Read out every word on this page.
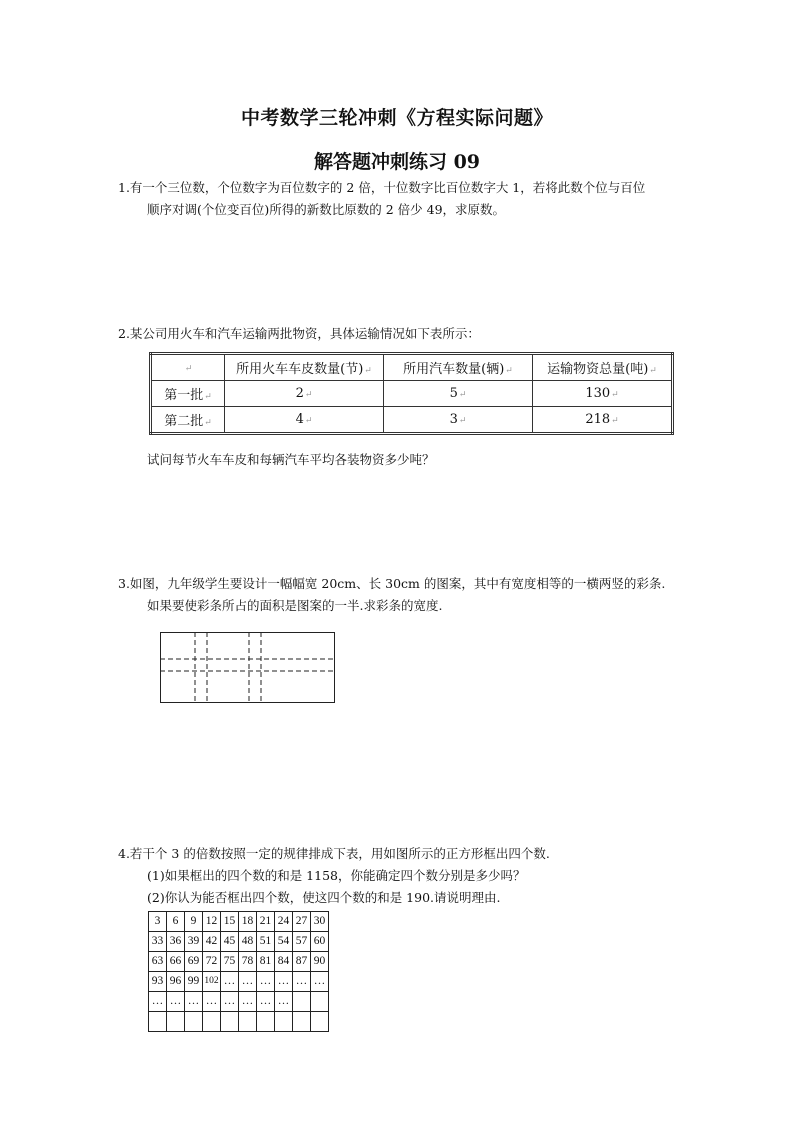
中考数学三轮冲刺《方程实际问题》
解答题冲刺练习 09
1.有一个三位数，个位数字为百位数字的 2 倍，十位数字比百位数字大 1，若将此数个位与百位
顺序对调(个位变百位)所得的新数比原数的 2 倍少 49，求原数。
2.某公司用火车和汽车运输两批物资，具体运输情况如下表所示：
↵	所用火车车皮数量(节)↵	所用汽车数量(辆)↵	运输物资总量(吨)↵
第一批↵	2↵	5↵	130↵
第二批↵	4↵	3↵	218↵
试问每节火车车皮和每辆汽车平均各装物资多少吨？
3.如图，九年级学生要设计一幅幅宽 20cm、长 30cm 的图案，其中有宽度相等的一横两竖的彩条.
如果要使彩条所占的面积是图案的一半.求彩条的宽度.
4.若干个 3 的倍数按照一定的规律排成下表，用如图所示的正方形框出四个数.
(1)如果框出的四个数的和是 1158，你能确定四个数分别是多少吗？
(2)你认为能否框出四个数，使这四个数的和是 190.请说明理由.
3	6	9	12	15	18	21	24	27	30
33	36	39	42	45	48	51	54	57	60
63	66	69	72	75	78	81	84	87	90
93	96	99	102	…	…	…	…	…	…
…	…	…	…	…	…	…	…		
